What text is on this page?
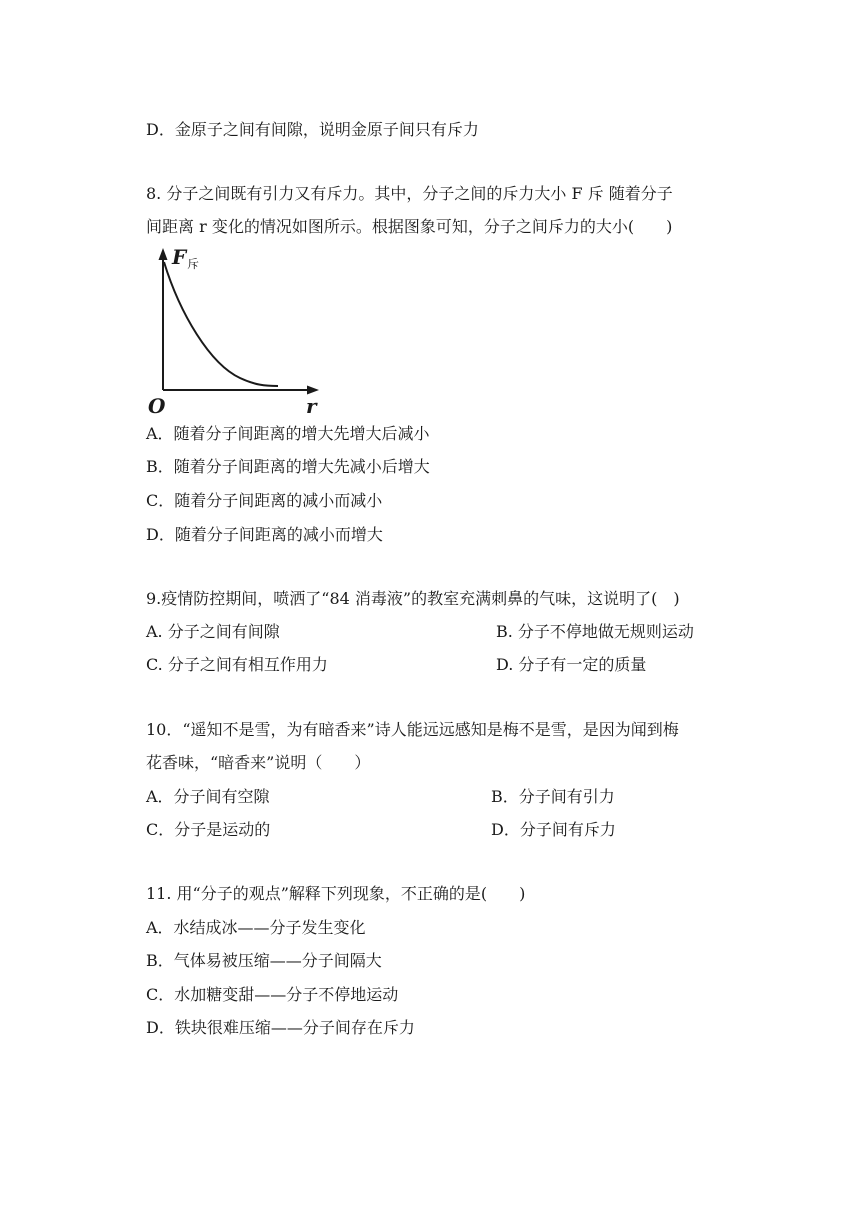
D．金原子之间有间隙，说明金原子间只有斥力
8. 分子之间既有引力又有斥力。其中，分子之间的斥力大小 F 斥 随着分子
间距离 r 变化的情况如图所示。根据图象可知，分子之间斥力的大小(　　)
F 斥
O	r
A．随着分子间距离的增大先增大后减小
B．随着分子间距离的增大先减小后增大
C．随着分子间距离的减小而减小
D．随着分子间距离的减小而增大
9.疫情防控期间，喷洒了“84 消毒液”的教室充满刺鼻的气味，这说明了(　)
A. 分子之间有间隙	B. 分子不停地做无规则运动
C. 分子之间有相互作用力	D. 分子有一定的质量
10．“遥知不是雪，为有暗香来”诗人能远远感知是梅不是雪，是因为闻到梅
花香味，“暗香来”说明（　　）
A．分子间有空隙	B．分子间有引力
C．分子是运动的	D．分子间有斥力
11. 用“分子的观点”解释下列现象，不正确的是(　　)
A．水结成冰——分子发生变化
B．气体易被压缩——分子间隔大
C．水加糖变甜——分子不停地运动
D．铁块很难压缩——分子间存在斥力
